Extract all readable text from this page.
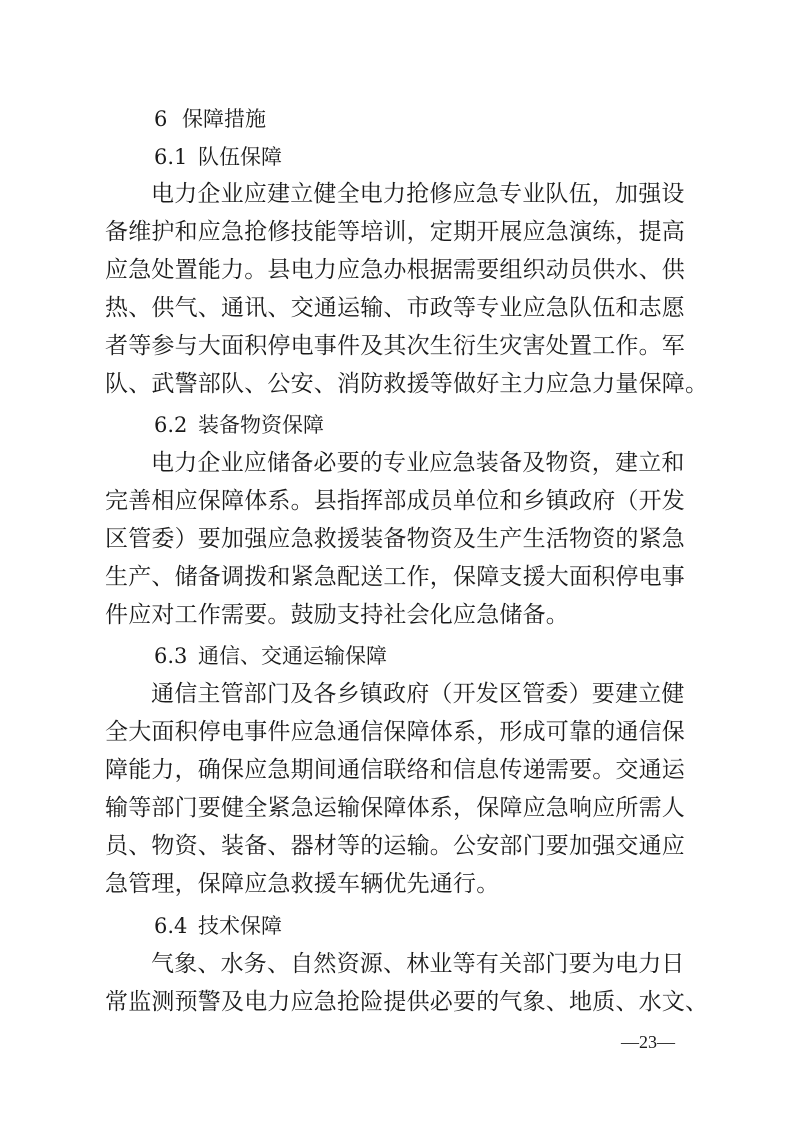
6 保障措施
6.1 队伍保障
电力企业应建立健全电力抢修应急专业队伍，加强设
备维护和应急抢修技能等培训，定期开展应急演练，提高
应急处置能力。县电力应急办根据需要组织动员供水、供
热、供气、通讯、交通运输、市政等专业应急队伍和志愿
者等参与大面积停电事件及其次生衍生灾害处置工作。军
队、武警部队、公安、消防救援等做好主力应急力量保障。
6.2 装备物资保障
电力企业应储备必要的专业应急装备及物资，建立和
完善相应保障体系。县指挥部成员单位和乡镇政府（开发
区管委）要加强应急救援装备物资及生产生活物资的紧急
生产、储备调拨和紧急配送工作，保障支援大面积停电事
件应对工作需要。鼓励支持社会化应急储备。
6.3 通信、交通运输保障
通信主管部门及各乡镇政府（开发区管委）要建立健
全大面积停电事件应急通信保障体系，形成可靠的通信保
障能力，确保应急期间通信联络和信息传递需要。交通运
输等部门要健全紧急运输保障体系，保障应急响应所需人
员、物资、装备、器材等的运输。公安部门要加强交通应
急管理，保障应急救援车辆优先通行。
6.4 技术保障
气象、水务、自然资源、林业等有关部门要为电力日
常监测预警及电力应急抢险提供必要的气象、地质、水文、
—23—
